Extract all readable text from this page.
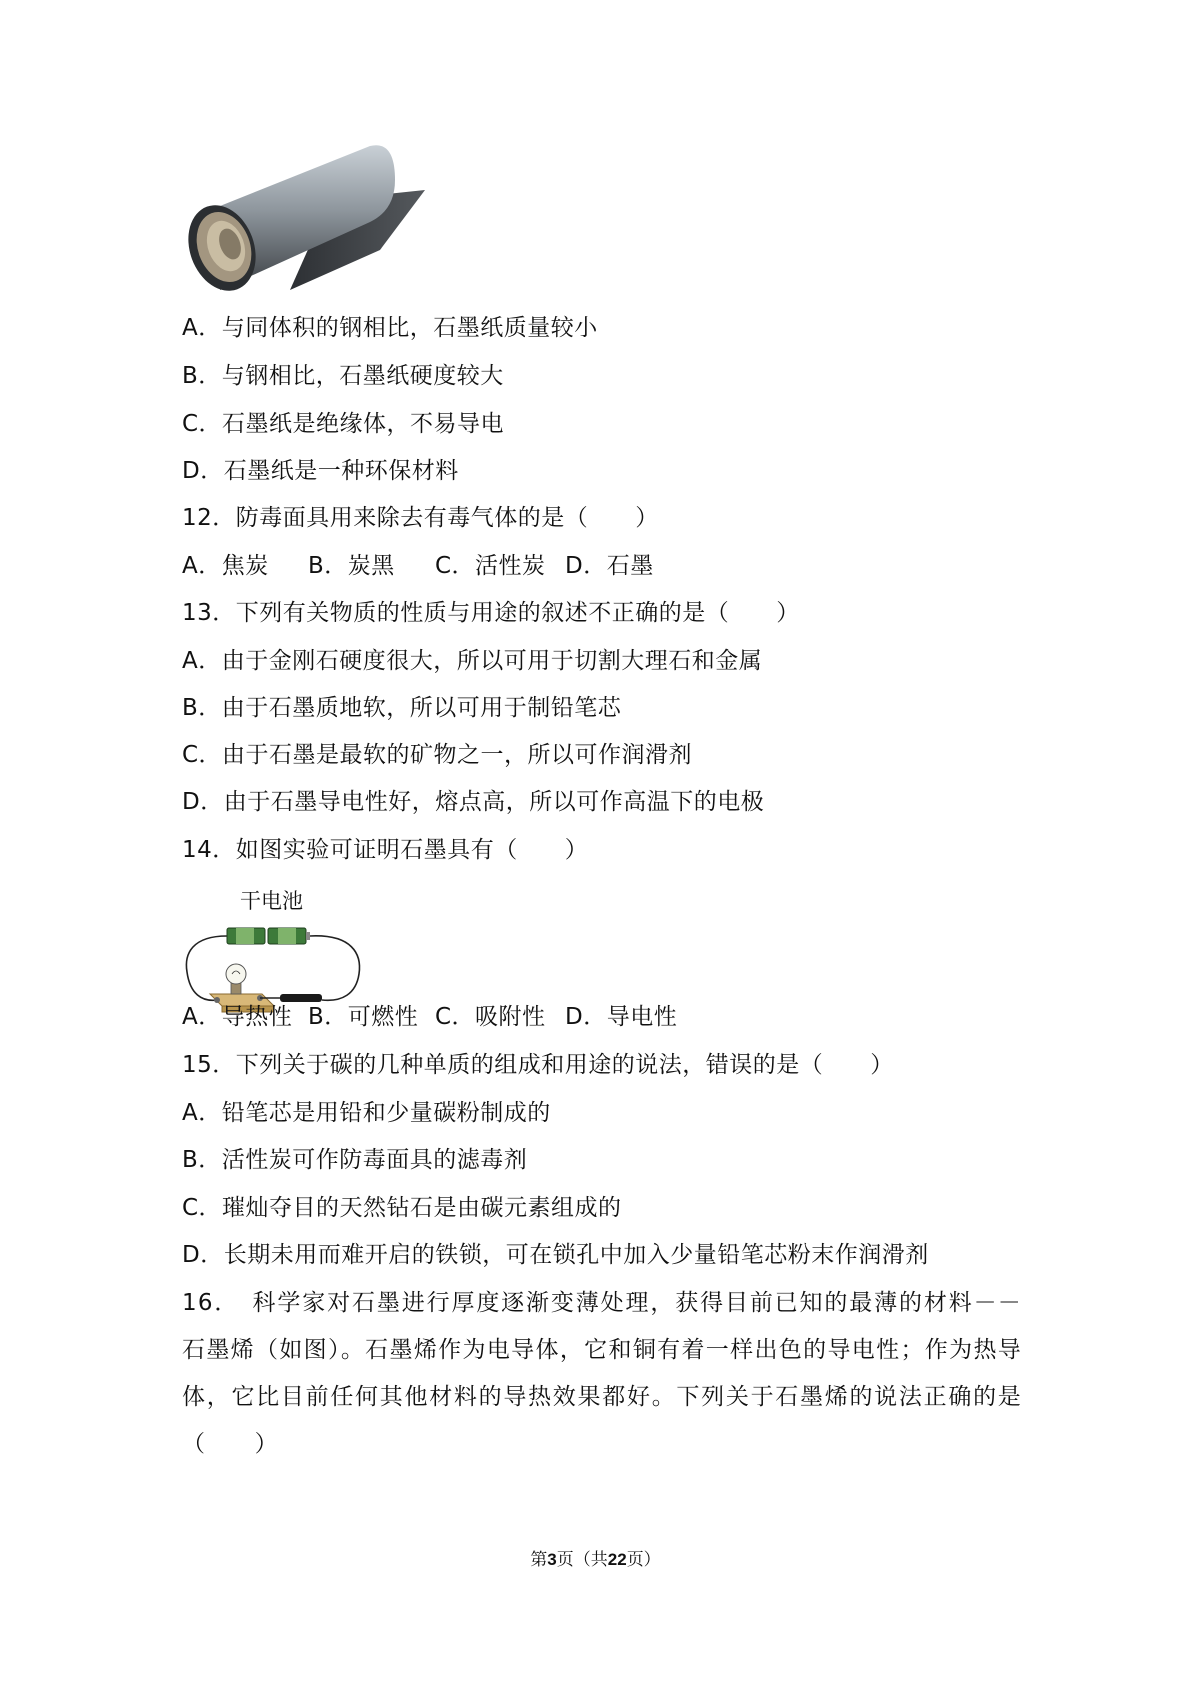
A．与同体积的钢相比，石墨纸质量较小
B．与钢相比，石墨纸硬度较大
C．石墨纸是绝缘体，不易导电
D．石墨纸是一种环保材料
12．防毒面具用来除去有毒气体的是（　　）
A．焦炭 B．炭黑 C．活性炭 D．石墨
13．下列有关物质的性质与用途的叙述不正确的是（　　）
A．由于金刚石硬度很大，所以可用于切割大理石和金属
B．由于石墨质地软，所以可用于制铅笔芯
C．由于石墨是最软的矿物之一，所以可作润滑剂
D．由于石墨导电性好，熔点高，所以可作高温下的电极
14．如图实验可证明石墨具有（　　）
干电池
A．导热性 B．可燃性 C．吸附性 D．导电性
15．下列关于碳的几种单质的组成和用途的说法，错误的是（　　）
A．铅笔芯是用铅和少量碳粉制成的
B．活性炭可作防毒面具的滤毒剂
C．璀灿夺目的天然钻石是由碳元素组成的
D．长期未用而难开启的铁锁，可在锁孔中加入少量铅笔芯粉末作润滑剂
16．　科学家对石墨进行厚度逐渐变薄处理，获得目前已知的最薄的材料－－石墨烯（如图）。石墨烯作为电导体，它和铜有着一样出色的导电性；作为热导体，它比目前任何其他材料的导热效果都好。下列关于石墨烯的说法正确的是（　　）
第3页（共22页）
